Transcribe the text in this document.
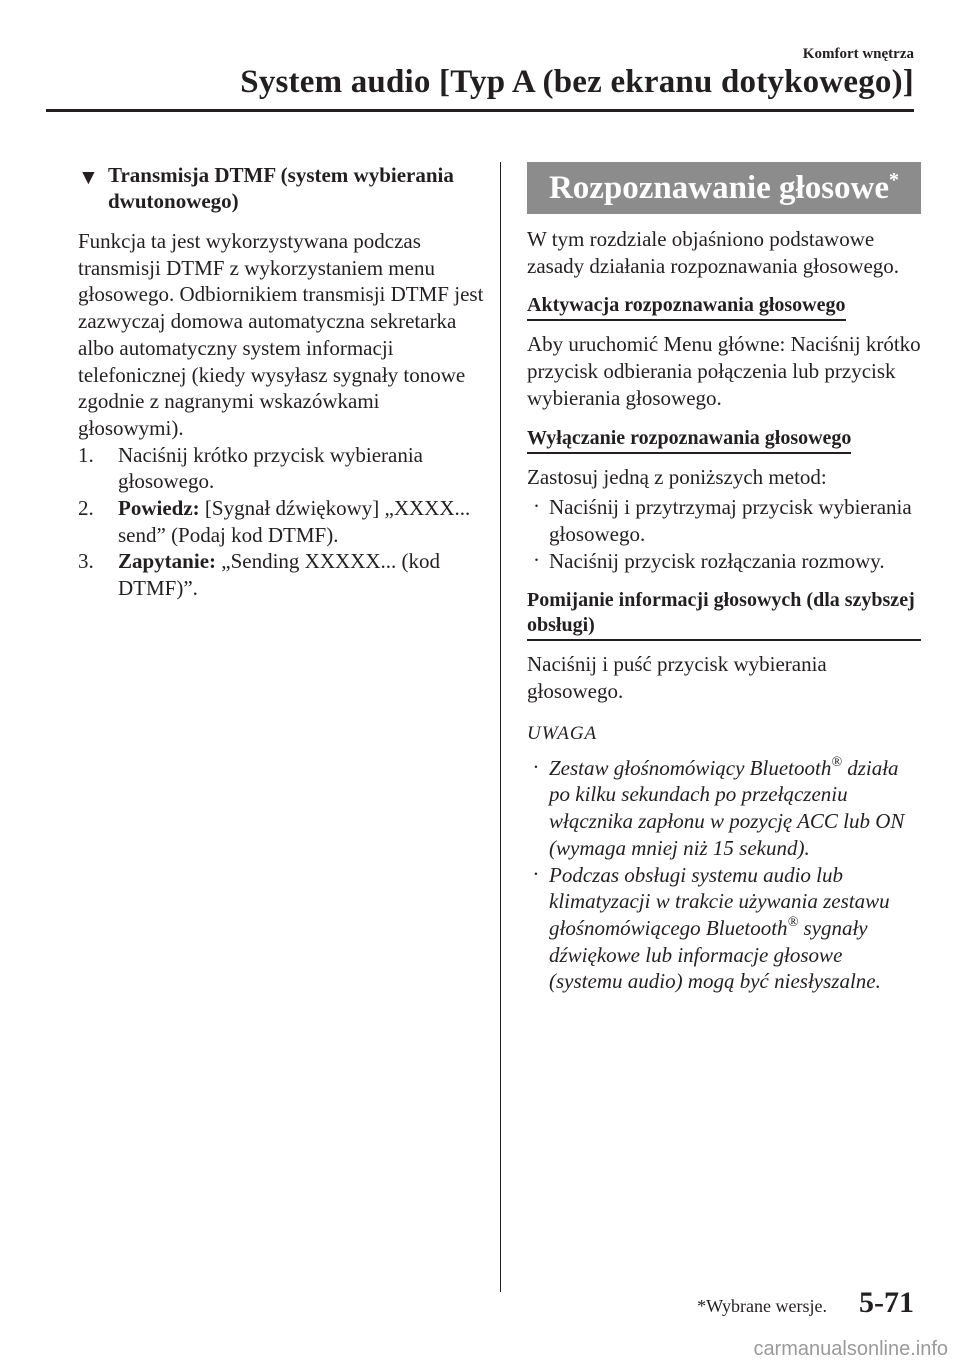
Komfort wnętrza
System audio [Typ A (bez ekranu dotykowego)]
▼ Transmisja DTMF (system wybierania dwutonowego)

Funkcja ta jest wykorzystywana podczas transmisji DTMF z wykorzystaniem menu głosowego. Odbiornikiem transmisji DTMF jest zazwyczaj domowa automatyczna sekretarka albo automatyczny system informacji telefonicznej (kiedy wysyłasz sygnały tonowe zgodnie z nagranymi wskazówkami głosowymi).

1. Naciśnij krótko przycisk wybierania głosowego.
2. Powiedz: [Sygnał dźwiękowy] „XXXX... send” (Podaj kod DTMF).
3. Zapytanie: „Sending XXXXX... (kod DTMF)”.
Rozpoznawanie głosowe*

W tym rozdziale objaśniono podstawowe zasady działania rozpoznawania głosowego.

Aktywacja rozpoznawania głosowego

Aby uruchomić Menu główne: Naciśnij krótko przycisk odbierania połączenia lub przycisk wybierania głosowego.

Wyłączanie rozpoznawania głosowego

Zastosuj jedną z poniższych metod:

· Naciśnij i przytrzymaj przycisk wybierania głosowego.
· Naciśnij przycisk rozłączania rozmowy.
Pomijanie informacji głosowych (dla szybszej obsługi)

Naciśnij i puść przycisk wybierania głosowego.

UWAGA
· Zestaw głośnomówiący Bluetooth® działa po kilku sekundach po przełączeniu włącznika zapłonu w pozycję ACC lub ON (wymaga mniej niż 15 sekund).
· Podczas obsługi systemu audio lub klimatyzacji w trakcie używania zestawu głośnomówiącego Bluetooth® sygnały dźwiękowe lub informacje głosowe (systemu audio) mogą być niesłyszalne.
*Wybrane wersje. 5-71
carmanualsonline.info
